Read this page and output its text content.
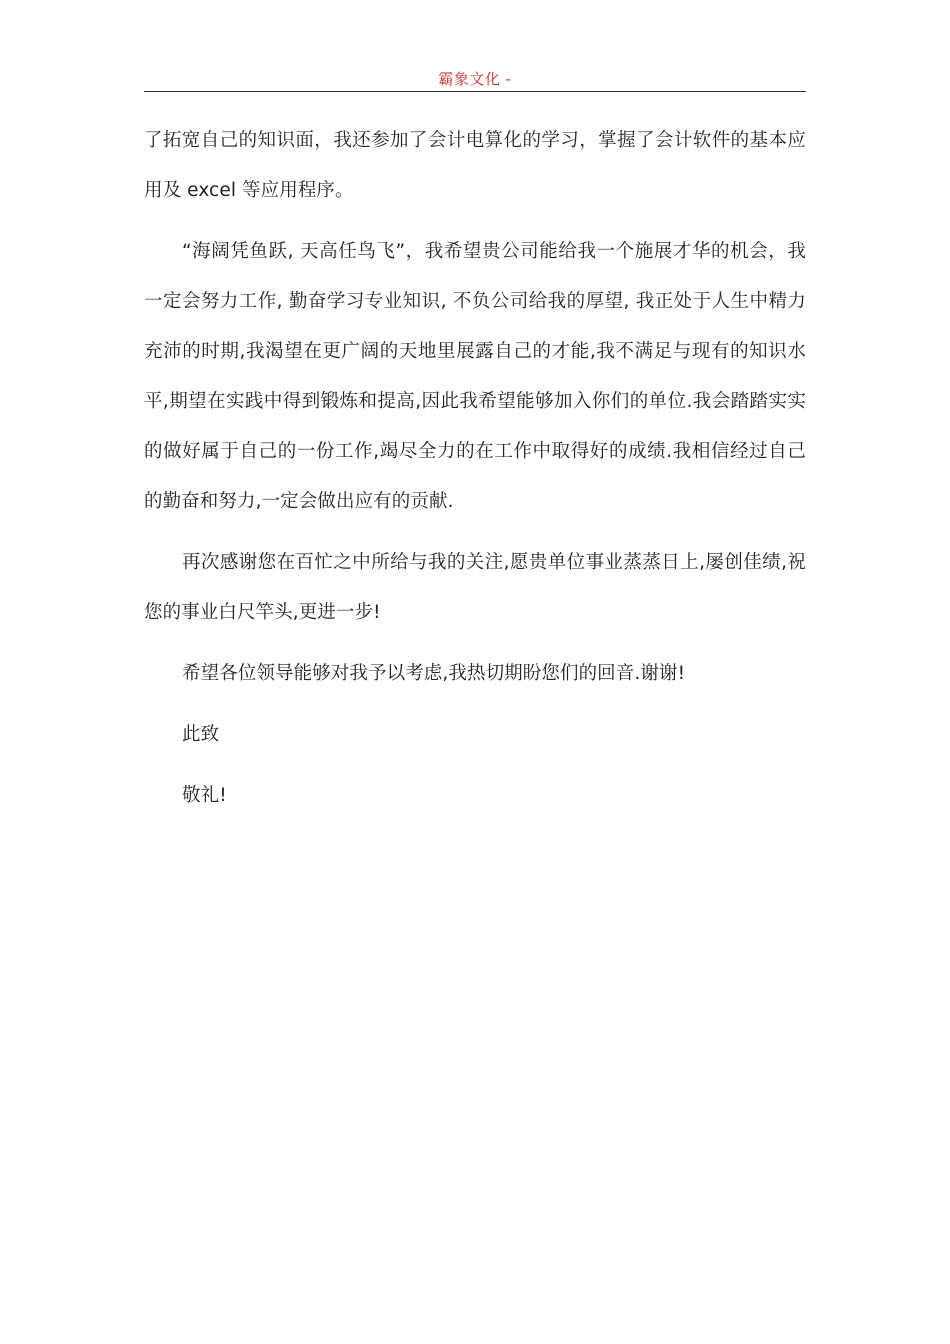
霸象文化 -

了拓宽自己的知识面，我还参加了会计电算化的学习，掌握了会计软件的基本应用及 excel 等应用程序。

“海阔凭鱼跃, 天高任鸟飞”，我希望贵公司能给我一个施展才华的机会，我一定会努力工作, 勤奋学习专业知识, 不负公司给我的厚望, 我正处于人生中精力充沛的时期,我渴望在更广阔的天地里展露自己的才能,我不满足与现有的知识水平,期望在实践中得到锻炼和提高,因此我希望能够加入你们的单位.我会踏踏实实的做好属于自己的一份工作,竭尽全力的在工作中取得好的成绩.我相信经过自己的勤奋和努力,一定会做出应有的贡献.

再次感谢您在百忙之中所给与我的关注,愿贵单位事业蒸蒸日上,屡创佳绩,祝您的事业白尺竿头,更进一步!

希望各位领导能够对我予以考虑,我热切期盼您们的回音.谢谢!

此致

敬礼!
